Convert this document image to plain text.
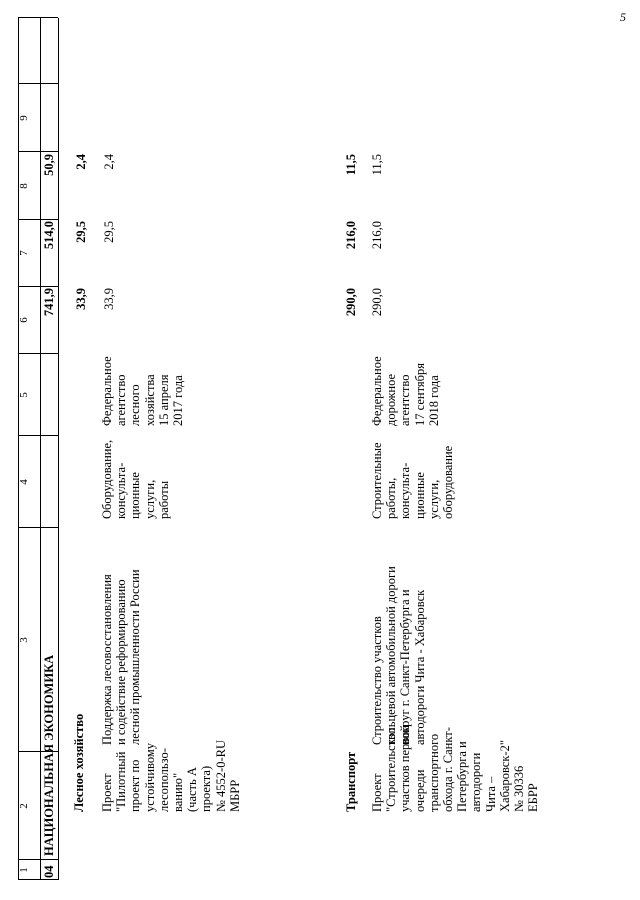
1
2
3
4
5
6
7
8
9
04
НАЦИОНАЛЬНАЯ ЭКОНОМИКА
741,9
514,0
50,9
Лесное хозяйство
33,9
29,5
2,4
Проект "Пилотный проект по устойчивому лесопользо- ванию" (часть А проекта) № 4552-0-RU МБРР
Поддержка лесовосстановления и содействие реформированию лесной промышленности России
Оборудование, консульта- ционные услуги, работы
Федеральное агентство лесного хозяйства 15 апреля 2017 года
33,9
29,5
2,4
Транспорт
290,0
216,0
11,5
Проект "Строительство участков первой очереди транспортного обхода г. Санкт- Петербурга и автодороги Чита – Хабаровск-2" № 30336 ЕБРР
Строительство участков кольцевой автомобильной дороги вокруг г. Санкт-Петербурга и автодороги Чита - Хабаровск
Строительные работы, консульта- ционные услуги, оборудование
Федеральное дорожное агентство 17 сентября 2018 года
290,0
216,0
11,5
5
